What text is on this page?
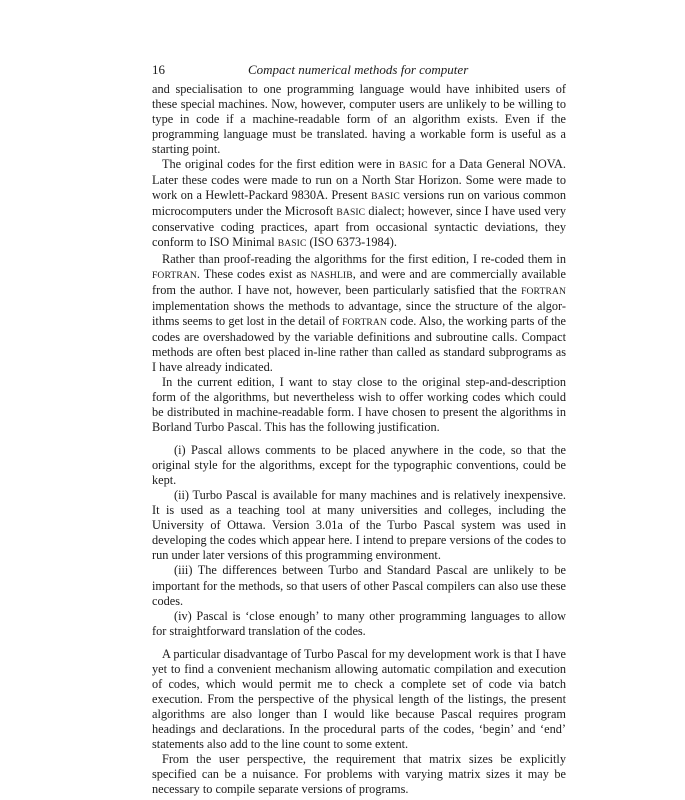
16	Compact numerical methods for computer

and specialisation to one programming language would have inhibited users of these special machines. Now, however, computer users are unlikely to be willing to type in code if a machine-readable form of an algorithm exists. Even if the programming language must be translated. having a workable form is useful as a starting point.

The original codes for the first edition were in BASIC for a Data General NOVA. Later these codes were made to run on a North Star Horizon. Some were made to work on a Hewlett-Packard 9830A. Present BASIC versions run on various common microcomputers under the Microsoft BASIC dialect; however, since I have used very conservative coding practices, apart from occasional syntactic deviations, they conform to ISO Minimal BASIC (ISO 6373-1984).

Rather than proof-reading the algorithms for the first edition, I re-coded them in FORTRAN. These codes exist as NASHLIB, and were and are commercially available from the author. I have not, however, been particularly satisfied that the FORTRAN implementation shows the methods to advantage, since the structure of the algor-ithms seems to get lost in the detail of FORTRAN code. Also, the working parts of the codes are overshadowed by the variable definitions and subroutine calls. Compact methods are often best placed in-line rather than called as standard subprograms as I have already indicated.

In the current edition, I want to stay close to the original step-and-description form of the algorithms, but nevertheless wish to offer working codes which could be distributed in machine-readable form. I have chosen to present the algorithms in Borland Turbo Pascal. This has the following justification.

(i) Pascal allows comments to be placed anywhere in the code, so that the original style for the algorithms, except for the typographic conventions, could be kept.

(ii) Turbo Pascal is available for many machines and is relatively inexpensive. It is used as a teaching tool at many universities and colleges, including the University of Ottawa. Version 3.01a of the Turbo Pascal system was used in developing the codes which appear here. I intend to prepare versions of the codes to run under later versions of this programming environment.

(iii) The differences between Turbo and Standard Pascal are unlikely to be important for the methods, so that users of other Pascal compilers can also use these codes.

(iv) Pascal is ‘close enough’ to many other programming languages to allow for straightforward translation of the codes.

A particular disadvantage of Turbo Pascal for my development work is that I have yet to find a convenient mechanism allowing automatic compilation and execution of codes, which would permit me to check a complete set of code via batch execution. From the perspective of the physical length of the listings, the present algorithms are also longer than I would like because Pascal requires program headings and declarations. In the procedural parts of the codes, ‘begin’ and ‘end’ statements also add to the line count to some extent.

From the user perspective, the requirement that matrix sizes be explicitly specified can be a nuisance. For problems with varying matrix sizes it may be necessary to compile separate versions of programs.
